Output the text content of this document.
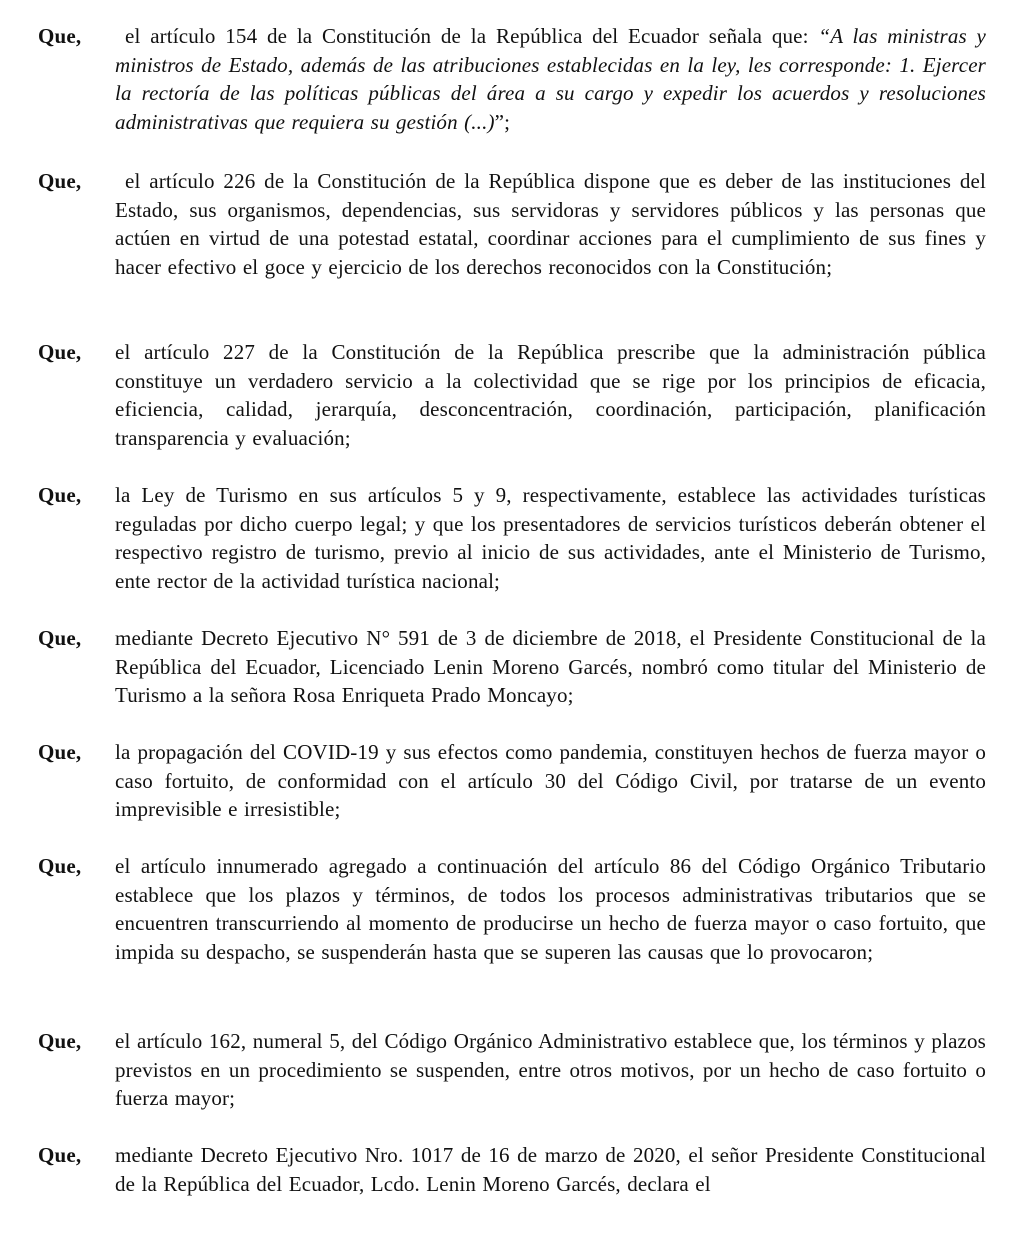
Que,	el artículo 154 de la Constitución de la República del Ecuador señala que: “A las ministras y ministros de Estado, además de las atribuciones establecidas en la ley, les corresponde: 1. Ejercer la rectoría de las políticas públicas del área a su cargo y expedir los acuerdos y resoluciones administrativas que requiera su gestión (...)”;
Que,	el artículo 226 de la Constitución de la República dispone que es deber de las instituciones del Estado, sus organismos, dependencias, sus servidoras y servidores públicos y las personas que actúen en virtud de una potestad estatal, coordinar acciones para el cumplimiento de sus fines y hacer efectivo el goce y ejercicio de los derechos reconocidos con la Constitución;
Que, el artículo 227 de la Constitución de la República prescribe que la administración pública constituye un verdadero servicio a la colectividad que se rige por los principios de eficacia, eficiencia, calidad, jerarquía, desconcentración, coordinación, participación, planificación transparencia y evaluación;
Que, la Ley de Turismo en sus artículos 5 y 9, respectivamente, establece las actividades turísticas reguladas por dicho cuerpo legal; y que los presentadores de servicios turísticos deberán obtener el respectivo registro de turismo, previo al inicio de sus actividades, ante el Ministerio de Turismo, ente rector de la actividad turística nacional;
Que, mediante Decreto Ejecutivo N° 591 de 3 de diciembre de 2018, el Presidente Constitucional de la República del Ecuador, Licenciado Lenin Moreno Garcés, nombró como titular del Ministerio de Turismo a la señora Rosa Enriqueta Prado Moncayo;
Que, la propagación del COVID-19 y sus efectos como pandemia, constituyen hechos de fuerza mayor o caso fortuito, de conformidad con el artículo 30 del Código Civil, por tratarse de un evento imprevisible e irresistible;
Que, el artículo innumerado agregado a continuación del artículo 86 del Código Orgánico Tributario establece que los plazos y términos, de todos los procesos administrativas tributarios que se encuentren transcurriendo al momento de producirse un hecho de fuerza mayor o caso fortuito, que impida su despacho, se suspenderán hasta que se superen las causas que lo provocaron;
Que, el artículo 162, numeral 5, del Código Orgánico Administrativo establece que, los términos y plazos previstos en un procedimiento se suspenden, entre otros motivos, por un hecho de caso fortuito o fuerza mayor;
Que, mediante Decreto Ejecutivo Nro. 1017 de 16 de marzo de 2020, el señor Presidente Constitucional de la República del Ecuador, Lcdo. Lenin Moreno Garcés, declara el
